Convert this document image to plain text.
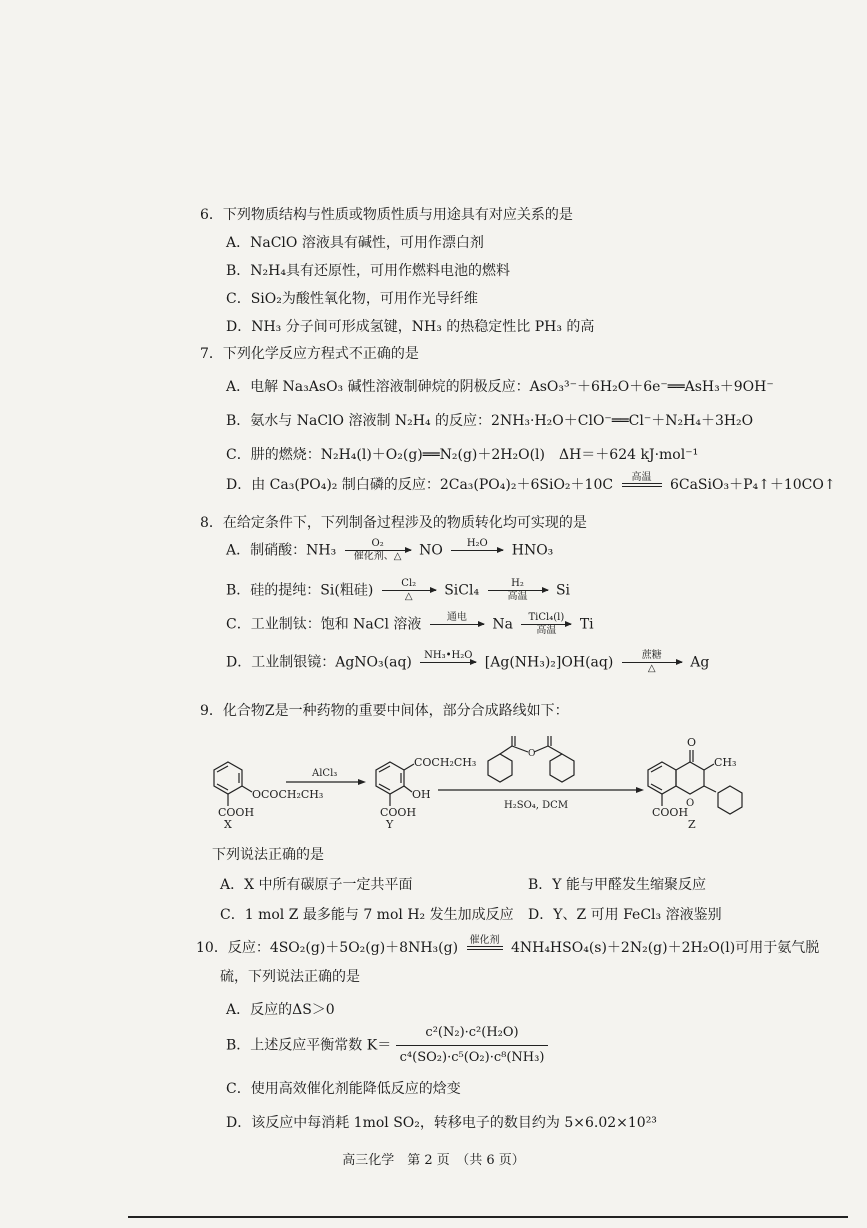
6．下列物质结构与性质或物质性质与用途具有对应关系的是
A．NaClO 溶液具有碱性，可用作漂白剂
B．N₂H₄具有还原性，可用作燃料电池的燃料
C．SiO₂为酸性氧化物，可用作光导纤维
D．NH₃ 分子间可形成氢键，NH₃ 的热稳定性比 PH₃ 的高
7．下列化学反应方程式不正确的是
A．电解 Na₃AsO₃ 碱性溶液制砷烷的阴极反应：AsO₃³⁻＋6H₂O＋6e⁻══AsH₃＋9OH⁻
B．氨水与 NaClO 溶液制 N₂H₄ 的反应：2NH₃·H₂O＋ClO⁻══Cl⁻＋N₂H₄＋3H₂O
C．肼的燃烧：N₂H₄(l)＋O₂(g)══N₂(g)＋2H₂O(l)　ΔH＝＋624 kJ·mol⁻¹
D．由 Ca₃(PO₄)₂ 制白磷的反应：2Ca₃(PO₄)₂＋6SiO₂＋10C	高温	6CaSiO₃＋P₄↑＋10CO↑
8．在给定条件下，下列制备过程涉及的物质转化均可实现的是
A．制硝酸：NH₃	O₂
催化剂、△	NO	H₂O	HNO₃
B．硅的提纯：Si(粗硅)	Cl₂
△	SiCl₄	H₂
高温	Si
C．工业制钛：饱和 NaCl 溶液	通电	Na	TiCl₄(l)
高温	Ti
D．工业制银镜：AgNO₃(aq)	NH₃•H₂O [Ag(NH₃)₂]OH(aq)	蔗糖
△	Ag
9．化合物Z是一种药物的重要中间体，部分合成路线如下：
OCOCH₂CH₃
COOH
X
AlCl₃
COCH₂CH₃
OH
COOH
Y
O
H₂SO₄, DCM
O
CH₃
O
COOH
Z
下列说法正确的是
A．X 中所有碳原子一定共平面	B．Y 能与甲醛发生缩聚反应
C．1 mol Z 最多能与 7 mol H₂ 发生加成反应 D．Y、Z 可用 FeCl₃ 溶液鉴别
10．反应：4SO₂(g)＋5O₂(g)＋8NH₃(g)	催化剂 4NH₄HSO₄(s)＋2N₂(g)＋2H₂O(l)可用于氨气脱
硫，下列说法正确的是
A．反应的ΔS＞0
B．上述反应平衡常数 $K= \frac{\text{c²(N₂)·c²(H₂O)}}{\text{c⁴(SO₂)·c⁵(O₂)·c⁸(NH₃)}}$
C．使用高效催化剂能降低反应的焓变
D．该反应中每消耗 1mol SO₂，转移电子的数目约为 5×6.02×10²³
高三化学　第 2 页　（共 6 页）
